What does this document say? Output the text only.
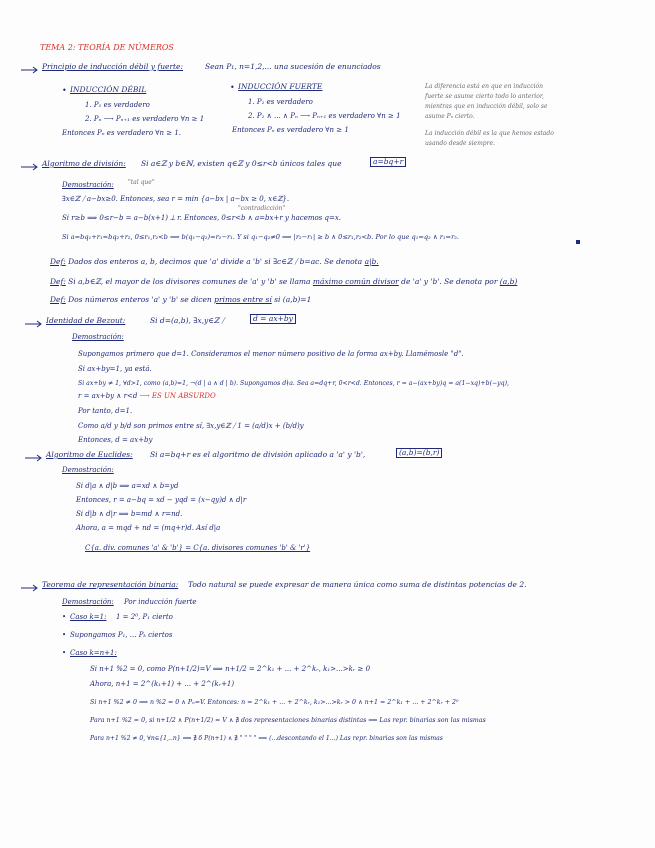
TEMA 2: TEORÍA DE NÚMEROS
Principio de inducción débil y fuerte:	Sean P₁, n=1,2,... una sucesión de enunciados
• INDUCCIÓN DÉBIL
1. P₁ es verdadero
2. Pₙ ⟶ Pₙ₊₁ es verdadero ∀n ≥ 1
Entonces Pₙ es verdadero ∀n ≥ 1.
• INDUCCIÓN FUERTE
1. P₁ es verdadero
2. P₁ ∧ ... ∧ Pₙ ⟶ Pₙ₊₁ es verdadero ∀n ≥ 1
Entonces Pₙ es verdadero ∀n ≥ 1
La diferencia está en que en inducción
fuerte se asume cierto todo lo anterior,
mientras que en inducción débil, solo se
asume Pₙ cierto.
La inducción débil es la que hemos estado
usando desde siempre.
Algoritmo de división: Si a∈ℤ y b∈ℕ, existen q∈ℤ y 0≤r<b únicos tales que	a=bq+r
Demostración: "tal que"
∃x∈ℤ ⧸ a−bx≥0. Entonces, sea r = min {a−bx | a−bx ≥ 0, x∈ℤ}.
"contradicción"
Si r≥b ⟹ 0≤r−b = a−b(x+1) ⟂ r. Entonces, 0≤r<b ∧ a=bx+r y hacemos q=x.
Si a=bq₁+r₁=bq₂+r₂, 0≤r₁,r₂<b ⟹ b(q₁−q₂)=r₂−r₁. Y si q₁−q₂≠0 ⟹ |r₂−r₁| ≥ b ∧ 0≤r₁,r₂<b. Por lo que q₁=q₂ ∧ r₁=r₂.
Def: Dados dos enteros a, b, decimos que 'a' divide a 'b' si ∃c∈ℤ ⧸ b=ac. Se denota a|b.
Def: Si a,b∈ℤ, el mayor de los divisores comunes de 'a' y 'b' se llama máximo común divisor de 'a' y 'b'. Se denota por (a,b)
Def: Dos números enteros 'a' y 'b' se dicen primos entre sí si (a,b)=1
Identidad de Bezout:	Si d=(a,b), ∃x,y∈ℤ ⧸	d = ax+by
Demostración:
Supongamos primero que d=1. Consideramos el menor número positivo de la forma ax+by. Llamémosle "d".
Si ax+by=1, ya está.
Si ax+by ≠ 1, ∀d>1, como (a,b)=1, ¬(d | a ∧ d | b). Supongamos d∤a. Sea a=dq+r, 0<r<d. Entonces, r = a−(ax+by)q = a(1−xq)+b(−yq),
r = ax+by ∧ r<d ⟶ ES UN ABSURDO
Por tanto, d=1.
Como a/d y b/d son primos entre sí, ∃x,y∈ℤ ⧸ 1 = (a/d)x + (b/d)y
Entonces, d = ax+by
Algoritmo de Euclides: Si a=bq+r es el algoritmo de división aplicado a 'a' y 'b',	(a,b)=(b,r)
Demostración:
Si d|a ∧ d|b ⟹ a=xd ∧ b=yd
Entonces, r = a−bq = xd − yqd = (x−qy)d ∧ d|r
Si d|b ∧ d|r ⟹ b=md ∧ r=nd.
Ahora, a = mqd + nd = (mq+r)d. Así d|a
C{a. div. comunes 'a' & 'b'} = C{a. divisores comunes 'b' & 'r'}
Teorema de representación binaria: Todo natural se puede expresar de manera única como suma de distintas potencias de 2.
Demostración: Por inducción fuerte
• Caso k=1: 1 = 2⁰, P₁ cierto
• Supongamos P₁, ... Pₖ ciertos
• Caso k=n+1:
Si n+1 %2 = 0, como P(n+1/2)=V ⟹ n+1/2 = 2^k₁ + ... + 2^kᵣ, k₁>...>kᵣ ≥ 0
Ahora, n+1 = 2^(k₁+1) + ... + 2^(kᵣ+1)
Si n+1 %2 ≠ 0 ⟹ n %2 = 0 ∧ Pₙ=V. Entonces: n = 2^k₁ + ... + 2^kᵣ, k₁>...>kᵣ > 0 ∧ n+1 = 2^k₁ + ... + 2^kᵣ + 2⁰
Para n+1 %2 = 0, si n+1/2 ∧ P(n+1/2) = V ∧ ∄ dos representaciones binarias distintas ⟹ Las repr. binarias son las mismas
Para n+1 %2 ≠ 0, ∀n∈{1,..n} ⟹ ∄ δ P(n+1) ∧ ∄ " " " " ⟹ (...descontando el 1...) Las repr. binarias son las mismas
